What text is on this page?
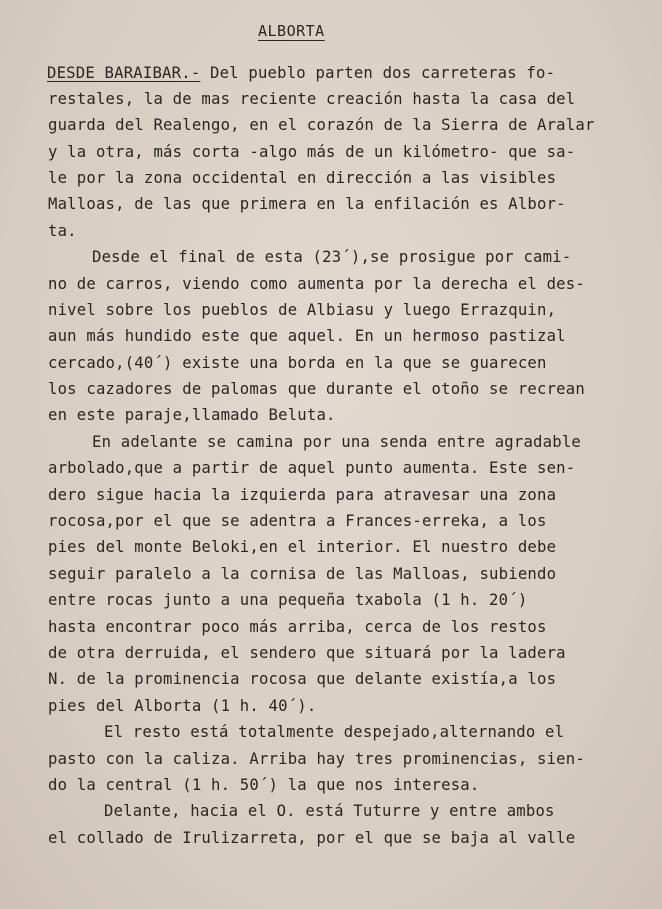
ALBORTA
DESDE BARAIBAR.- Del pueblo parten dos carreteras fo-
restales, la de mas reciente creación hasta la casa del
guarda del Realengo, en el corazón de la Sierra de Aralar
y la otra, más corta -algo más de un kilómetro- que sa-
le por la zona occidental en dirección a las visibles
Malloas, de las que primera en la enfilación es Albor-
ta.
Desde el final de esta (23´),se prosigue por cami-
no de carros, viendo como aumenta por la derecha el des-
nivel sobre los pueblos de Albiasu y luego Errazquin,
aun más hundido este que aquel. En un hermoso pastizal
cercado,(40´) existe una borda en la que se guarecen
los cazadores de palomas que durante el otoño se recrean
en este paraje,llamado Beluta.
En adelante se camina por una senda entre agradable
arbolado,que a partir de aquel punto aumenta. Este sen-
dero sigue hacia la izquierda para atravesar una zona
rocosa,por el que se adentra a Frances-erreka, a los
pies del monte Beloki,en el interior. El nuestro debe
seguir paralelo a la cornisa de las Malloas, subiendo
entre rocas junto a una pequeña txabola (1 h. 20´)
hasta encontrar poco más arriba, cerca de los restos
de otra derruida, el sendero que situará por la ladera
N. de la prominencia rocosa que delante existía,a los
pies del Alborta (1 h. 40´).
El resto está totalmente despejado,alternando el
pasto con la caliza. Arriba hay tres prominencias, sien-
do la central (1 h. 50´) la que nos interesa.
Delante, hacia el O. está Tuturre y entre ambos
el collado de Irulizarreta, por el que se baja al valle
